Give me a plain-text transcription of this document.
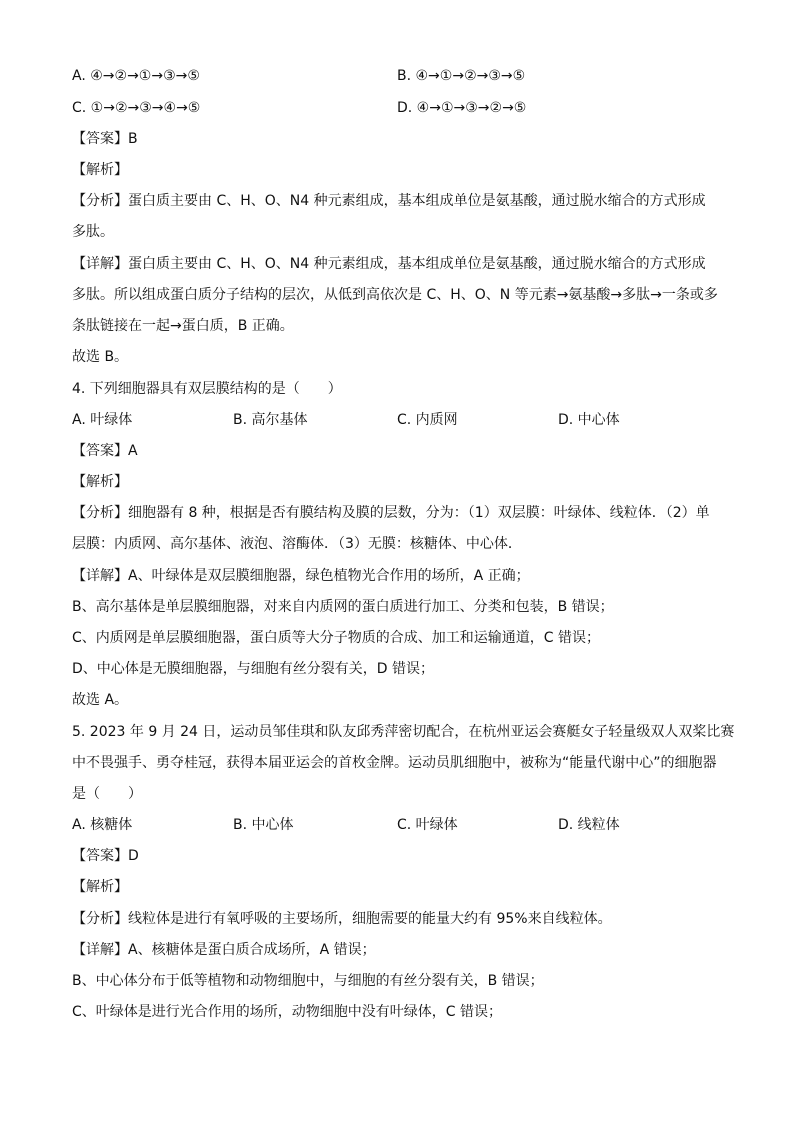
A. ④→②→①→③→⑤	B. ④→①→②→③→⑤
C. ①→②→③→④→⑤	D. ④→①→③→②→⑤
【答案】B
【解析】
【分析】蛋白质主要由 C、H、O、N4 种元素组成，基本组成单位是氨基酸，通过脱水缩合的方式形成
多肽。
【详解】蛋白质主要由 C、H、O、N4 种元素组成，基本组成单位是氨基酸，通过脱水缩合的方式形成
多肽。所以组成蛋白质分子结构的层次，从低到高依次是 C、H、O、N 等元素→氨基酸→多肽→一条或多
条肽链接在一起→蛋白质，B 正确。
故选 B。
4. 下列细胞器具有双层膜结构的是（　　）
A. 叶绿体	B. 高尔基体	C. 内质网	D. 中心体
【答案】A
【解析】
【分析】细胞器有 8 种，根据是否有膜结构及膜的层数，分为：（1）双层膜：叶绿体、线粒体．（2）单
层膜：内质网、高尔基体、液泡、溶酶体．（3）无膜：核糖体、中心体．
【详解】A、叶绿体是双层膜细胞器，绿色植物光合作用的场所，A 正确；
B、高尔基体是单层膜细胞器，对来自内质网的蛋白质进行加工、分类和包装，B 错误；
C、内质网是单层膜细胞器，蛋白质等大分子物质的合成、加工和运输通道，C 错误；
D、中心体是无膜细胞器，与细胞有丝分裂有关，D 错误；
故选 A。
5. 2023 年 9 月 24 日，运动员邹佳琪和队友邱秀萍密切配合，在杭州亚运会赛艇女子轻量级双人双桨比赛
中不畏强手、勇夺桂冠，获得本届亚运会的首枚金牌。运动员肌细胞中，被称为“能量代谢中心”的细胞器
是（　　）
A. 核糖体	B. 中心体	C. 叶绿体	D. 线粒体
【答案】D
【解析】
【分析】线粒体是进行有氧呼吸的主要场所，细胞需要的能量大约有 95%来自线粒体。
【详解】A、核糖体是蛋白质合成场所，A 错误；
B、中心体分布于低等植物和动物细胞中，与细胞的有丝分裂有关，B 错误；
C、叶绿体是进行光合作用的场所，动物细胞中没有叶绿体，C 错误；
